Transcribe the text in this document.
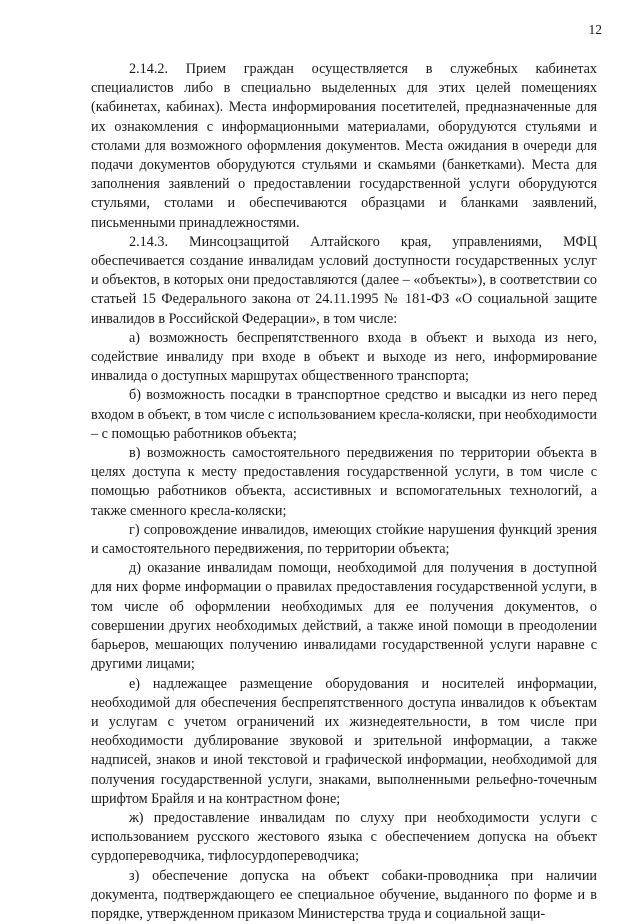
12

2.14.2. Прием граждан осуществляется в служебных кабинетах специалистов либо в специально выделенных для этих целей помещениях (кабинетах, кабинах). Места информирования посетителей, предназначенные для их ознакомления с информационными материалами, оборудуются стульями и столами для возможного оформления документов. Места ожидания в очереди для подачи документов оборудуются стульями и скамьями (банкетками). Места для заполнения заявлений о предоставлении государственной услуги оборудуются стульями, столами и обеспечиваются образцами и бланками заявлений, письменными принадлежностями.

2.14.3. Минсоцзащитой Алтайского края, управлениями, МФЦ обеспечивается создание инвалидам условий доступности государственных услуг и объектов, в которых они предоставляются (далее – «объекты»), в соответствии со статьей 15 Федерального закона от 24.11.1995 № 181-ФЗ «О социальной защите инвалидов в Российской Федерации», в том числе:

а) возможность беспрепятственного входа в объект и выхода из него, содействие инвалиду при входе в объект и выходе из него, информирование инвалида о доступных маршрутах общественного транспорта;

б) возможность посадки в транспортное средство и высадки из него перед входом в объект, в том числе с использованием кресла-коляски, при необходимости – с помощью работников объекта;

в) возможность самостоятельного передвижения по территории объекта в целях доступа к месту предоставления государственной услуги, в том числе с помощью работников объекта, ассистивных и вспомогательных технологий, а также сменного кресла-коляски;

г) сопровождение инвалидов, имеющих стойкие нарушения функций зрения и самостоятельного передвижения, по территории объекта;

д) оказание инвалидам помощи, необходимой для получения в доступной для них форме информации о правилах предоставления государственной услуги, в том числе об оформлении необходимых для ее получения документов, о совершении других необходимых действий, а также иной помощи в преодолении барьеров, мешающих получению инвалидами государственной услуги наравне с другими лицами;

е) надлежащее размещение оборудования и носителей информации, необходимой для обеспечения беспрепятственного доступа инвалидов к объектам и услугам с учетом ограничений их жизнедеятельности, в том числе при необходимости дублирование звуковой и зрительной информации, а также надписей, знаков и иной текстовой и графической информации, необходимой для получения государственной услуги, знаками, выполненными рельефно-точечным шрифтом Брайля и на контрастном фоне;

ж) предоставление инвалидам по слуху при необходимости услуги с использованием русского жестового языка с обеспечением допуска на объект сурдопереводчика, тифлосурдопереводчика;

з) обеспечение допуска на объект собаки-проводника при наличии документа, подтверждающего ее специальное обучение, выданного по форме и в порядке, утвержденном приказом Министерства труда и социальной защи-
